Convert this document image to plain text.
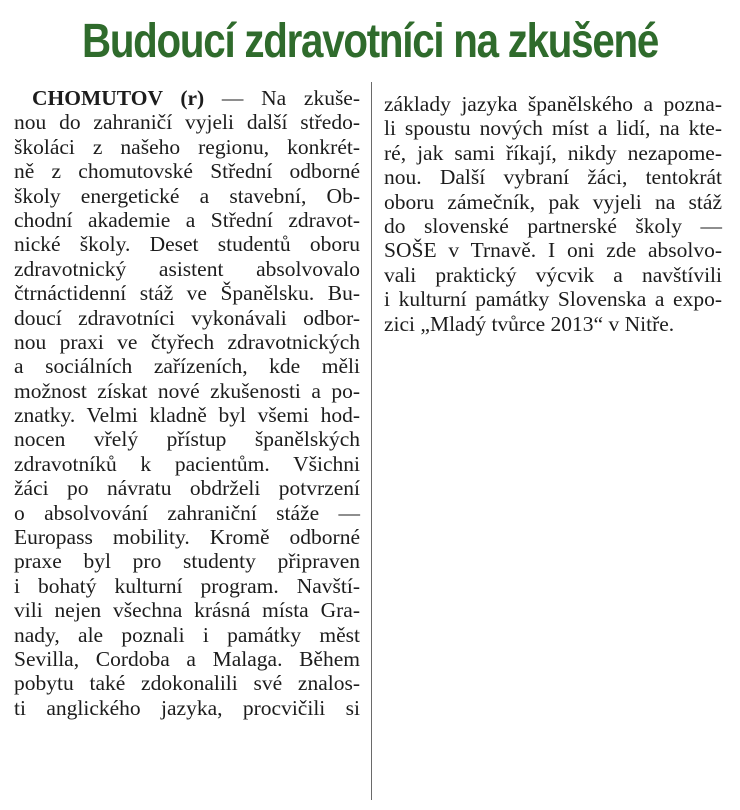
Budoucí zdravotníci na zkušené
CHOMUTOV (r) — Na zkuše-
nou do zahraničí vyjeli další středo-
školáci z našeho regionu, konkrét-
ně z chomutovské Střední odborné
školy energetické a stavební, Ob-
chodní akademie a Střední zdravot-
nické školy. Deset studentů oboru
zdravotnický asistent absolvovalo
čtrnáctidenní stáž ve Španělsku. Bu-
doucí zdravotníci vykonávali odbor-
nou praxi ve čtyřech zdravotnických
a sociálních zařízeních, kde měli
možnost získat nové zkušenosti a po-
znatky. Velmi kladně byl všemi hod-
nocen vřelý přístup španělských
zdravotníků k pacientům. Všichni
žáci po návratu obdrželi potvrzení
o absolvování zahraniční stáže —
Europass mobility. Kromě odborné
praxe byl pro studenty připraven
i bohatý kulturní program. Navští-
vili nejen všechna krásná místa Gra-
nady, ale poznali i památky měst
Sevilla, Cordoba a Malaga. Během
pobytu také zdokonalili své znalos-
ti anglického jazyka, procvičili si
základy jazyka španělského a pozna-
li spoustu nových míst a lidí, na kte-
ré, jak sami říkají, nikdy nezapome-
nou. Další vybraní žáci, tentokrát
oboru zámečník, pak vyjeli na stáž
do slovenské partnerské školy —
SOŠE v Trnavě. I oni zde absolvo-
vali praktický výcvik a navštívili
i kulturní památky Slovenska a expo-
zici „Mladý tvůrce 2013“ v Nitře.
